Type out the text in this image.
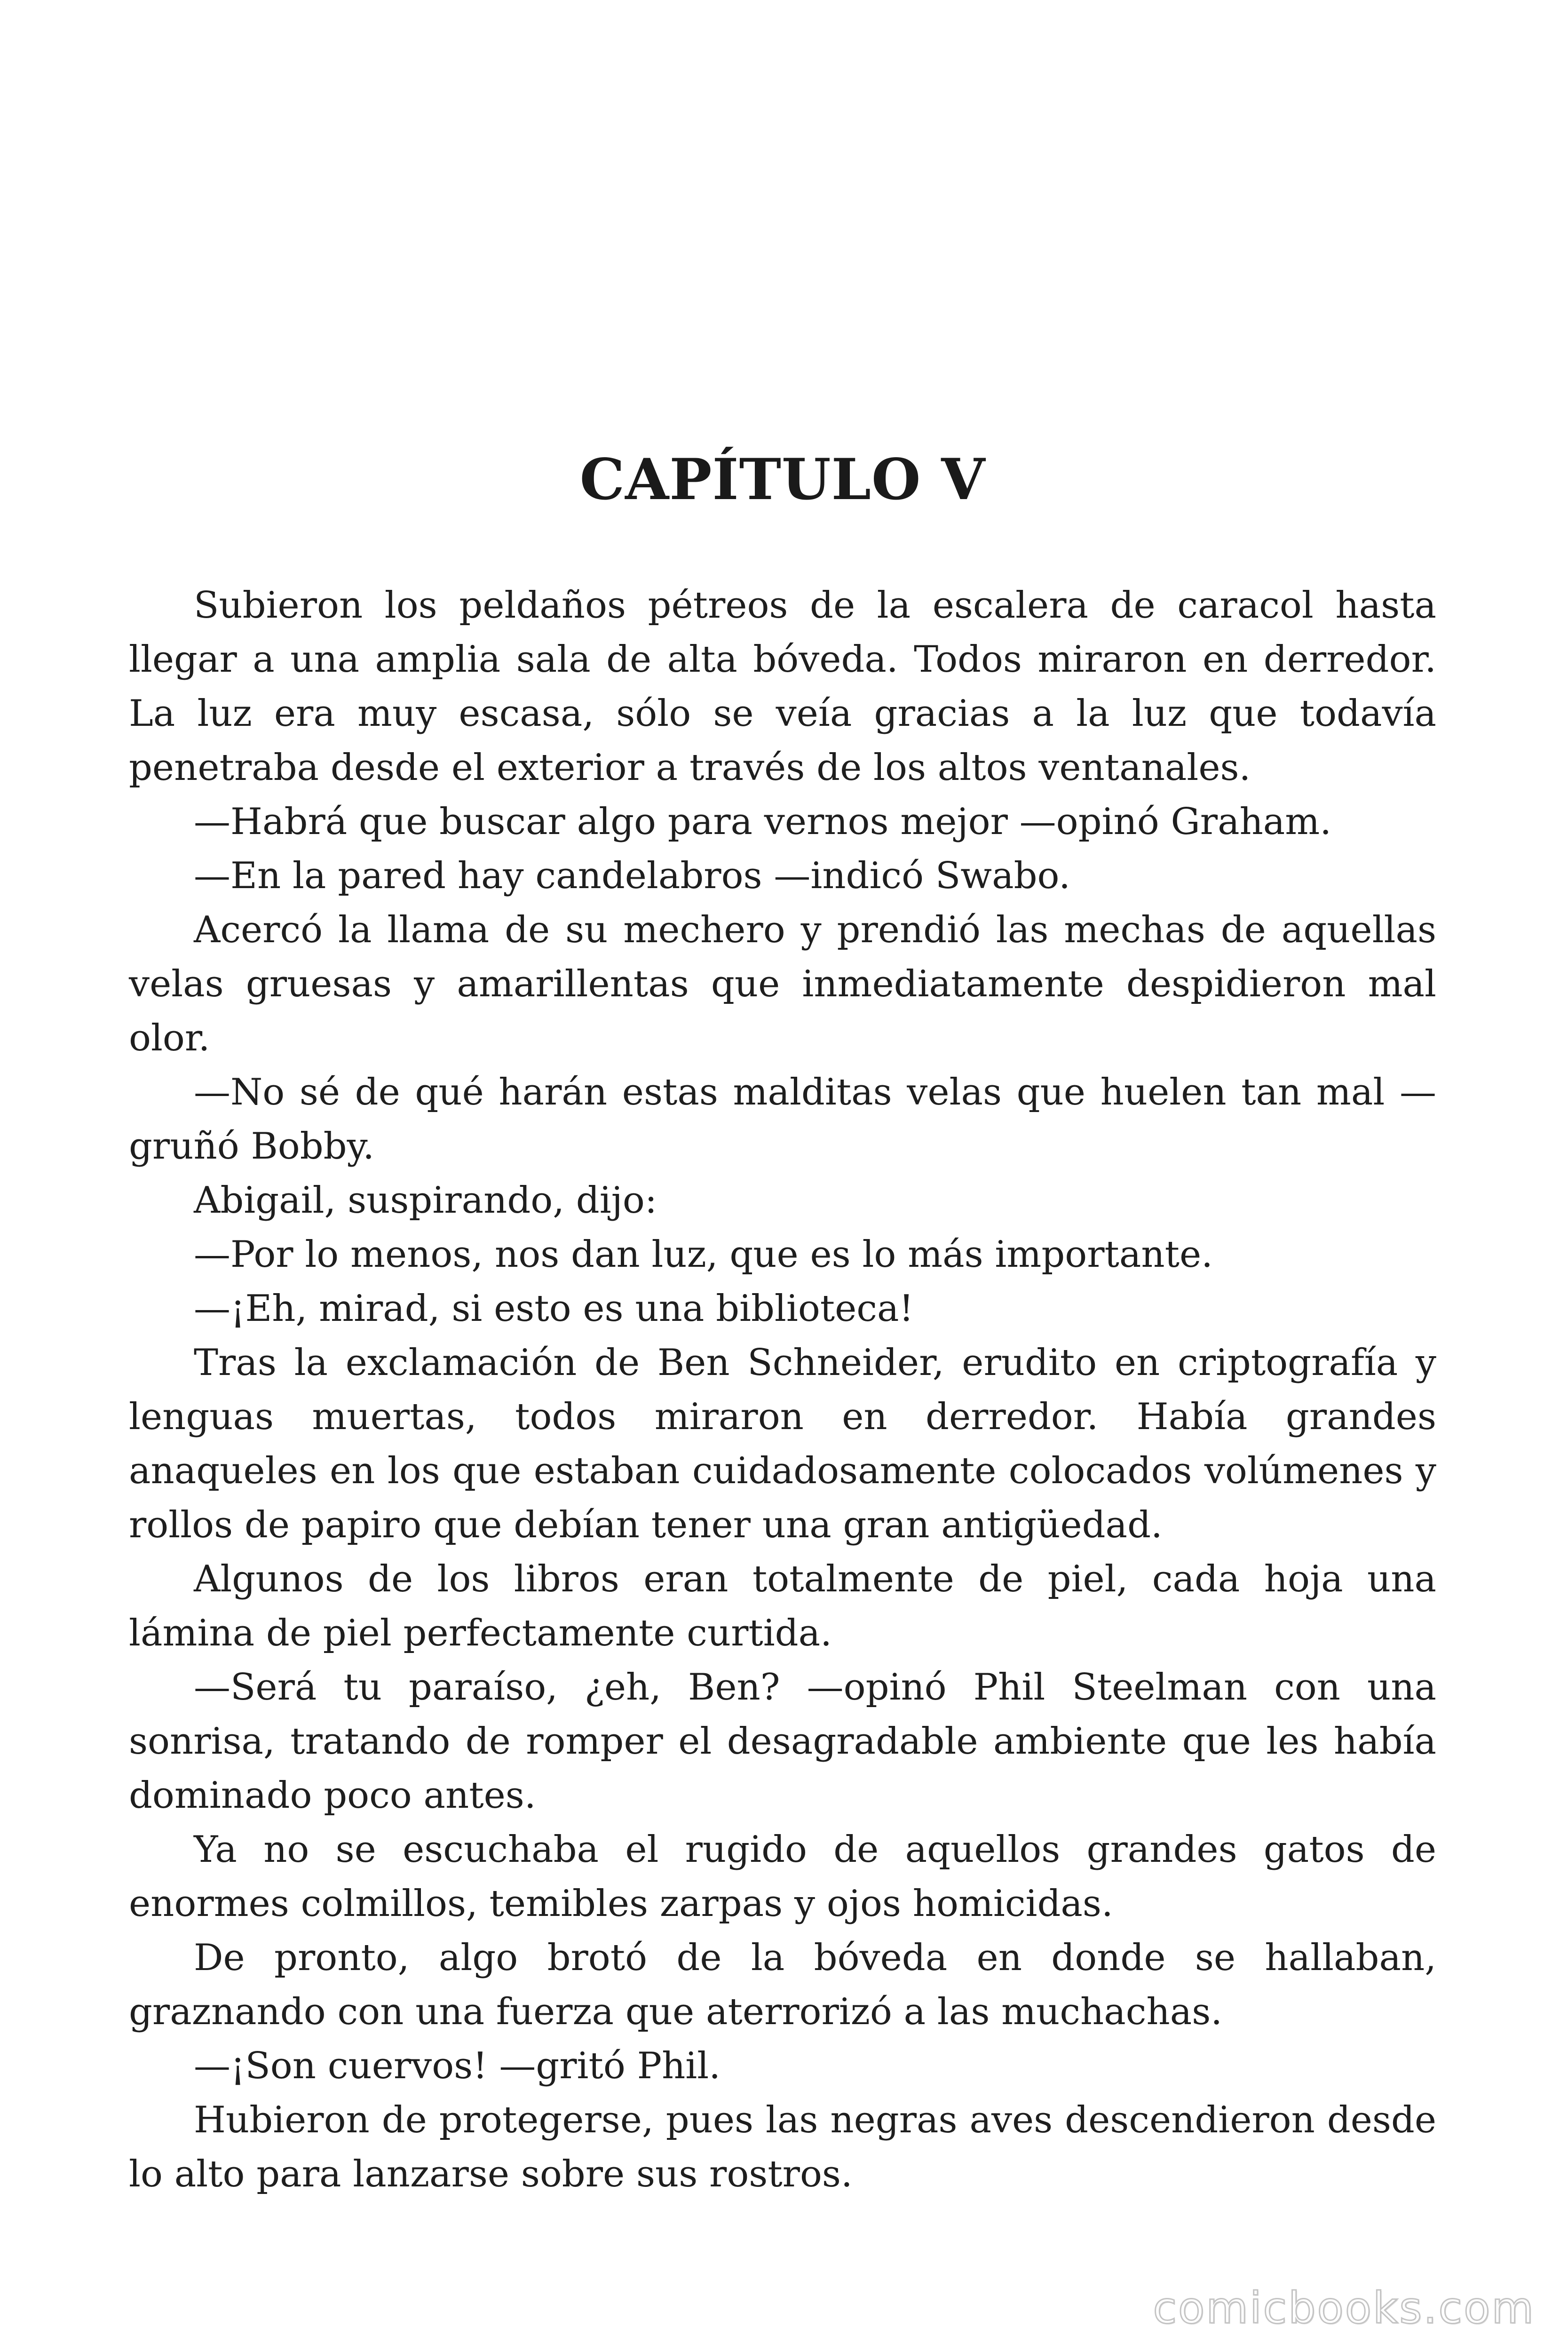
CAPÍTULO V

Subieron los peldaños pétreos de la escalera de caracol hasta llegar a una amplia sala de alta bóveda. Todos miraron en derredor. La luz era muy escasa, sólo se veía gracias a la luz que todavía penetraba desde el exterior a través de los altos ventanales.

—Habrá que buscar algo para vernos mejor —opinó Graham.

—En la pared hay candelabros —indicó Swabo.

Acercó la llama de su mechero y prendió las mechas de aquellas velas gruesas y amarillentas que inmediatamente despidieron mal olor.

—No sé de qué harán estas malditas velas que huelen tan mal —gruñó Bobby.

Abigail, suspirando, dijo:

—Por lo menos, nos dan luz, que es lo más importante.

—¡Eh, mirad, si esto es una biblioteca!

Tras la exclamación de Ben Schneider, erudito en criptografía y lenguas muertas, todos miraron en derredor. Había grandes anaqueles en los que estaban cuidadosamente colocados volúmenes y rollos de papiro que debían tener una gran antigüedad.

Algunos de los libros eran totalmente de piel, cada hoja una lámina de piel perfectamente curtida.

—Será tu paraíso, ¿eh, Ben? —opinó Phil Steelman con una sonrisa, tratando de romper el desagradable ambiente que les había dominado poco antes.

Ya no se escuchaba el rugido de aquellos grandes gatos de enormes colmillos, temibles zarpas y ojos homicidas.

De pronto, algo brotó de la bóveda en donde se hallaban, graznando con una fuerza que aterrorizó a las muchachas.

—¡Son cuervos! —gritó Phil.

Hubieron de protegerse, pues las negras aves descendieron desde lo alto para lanzarse sobre sus rostros.

comicbooks.com
